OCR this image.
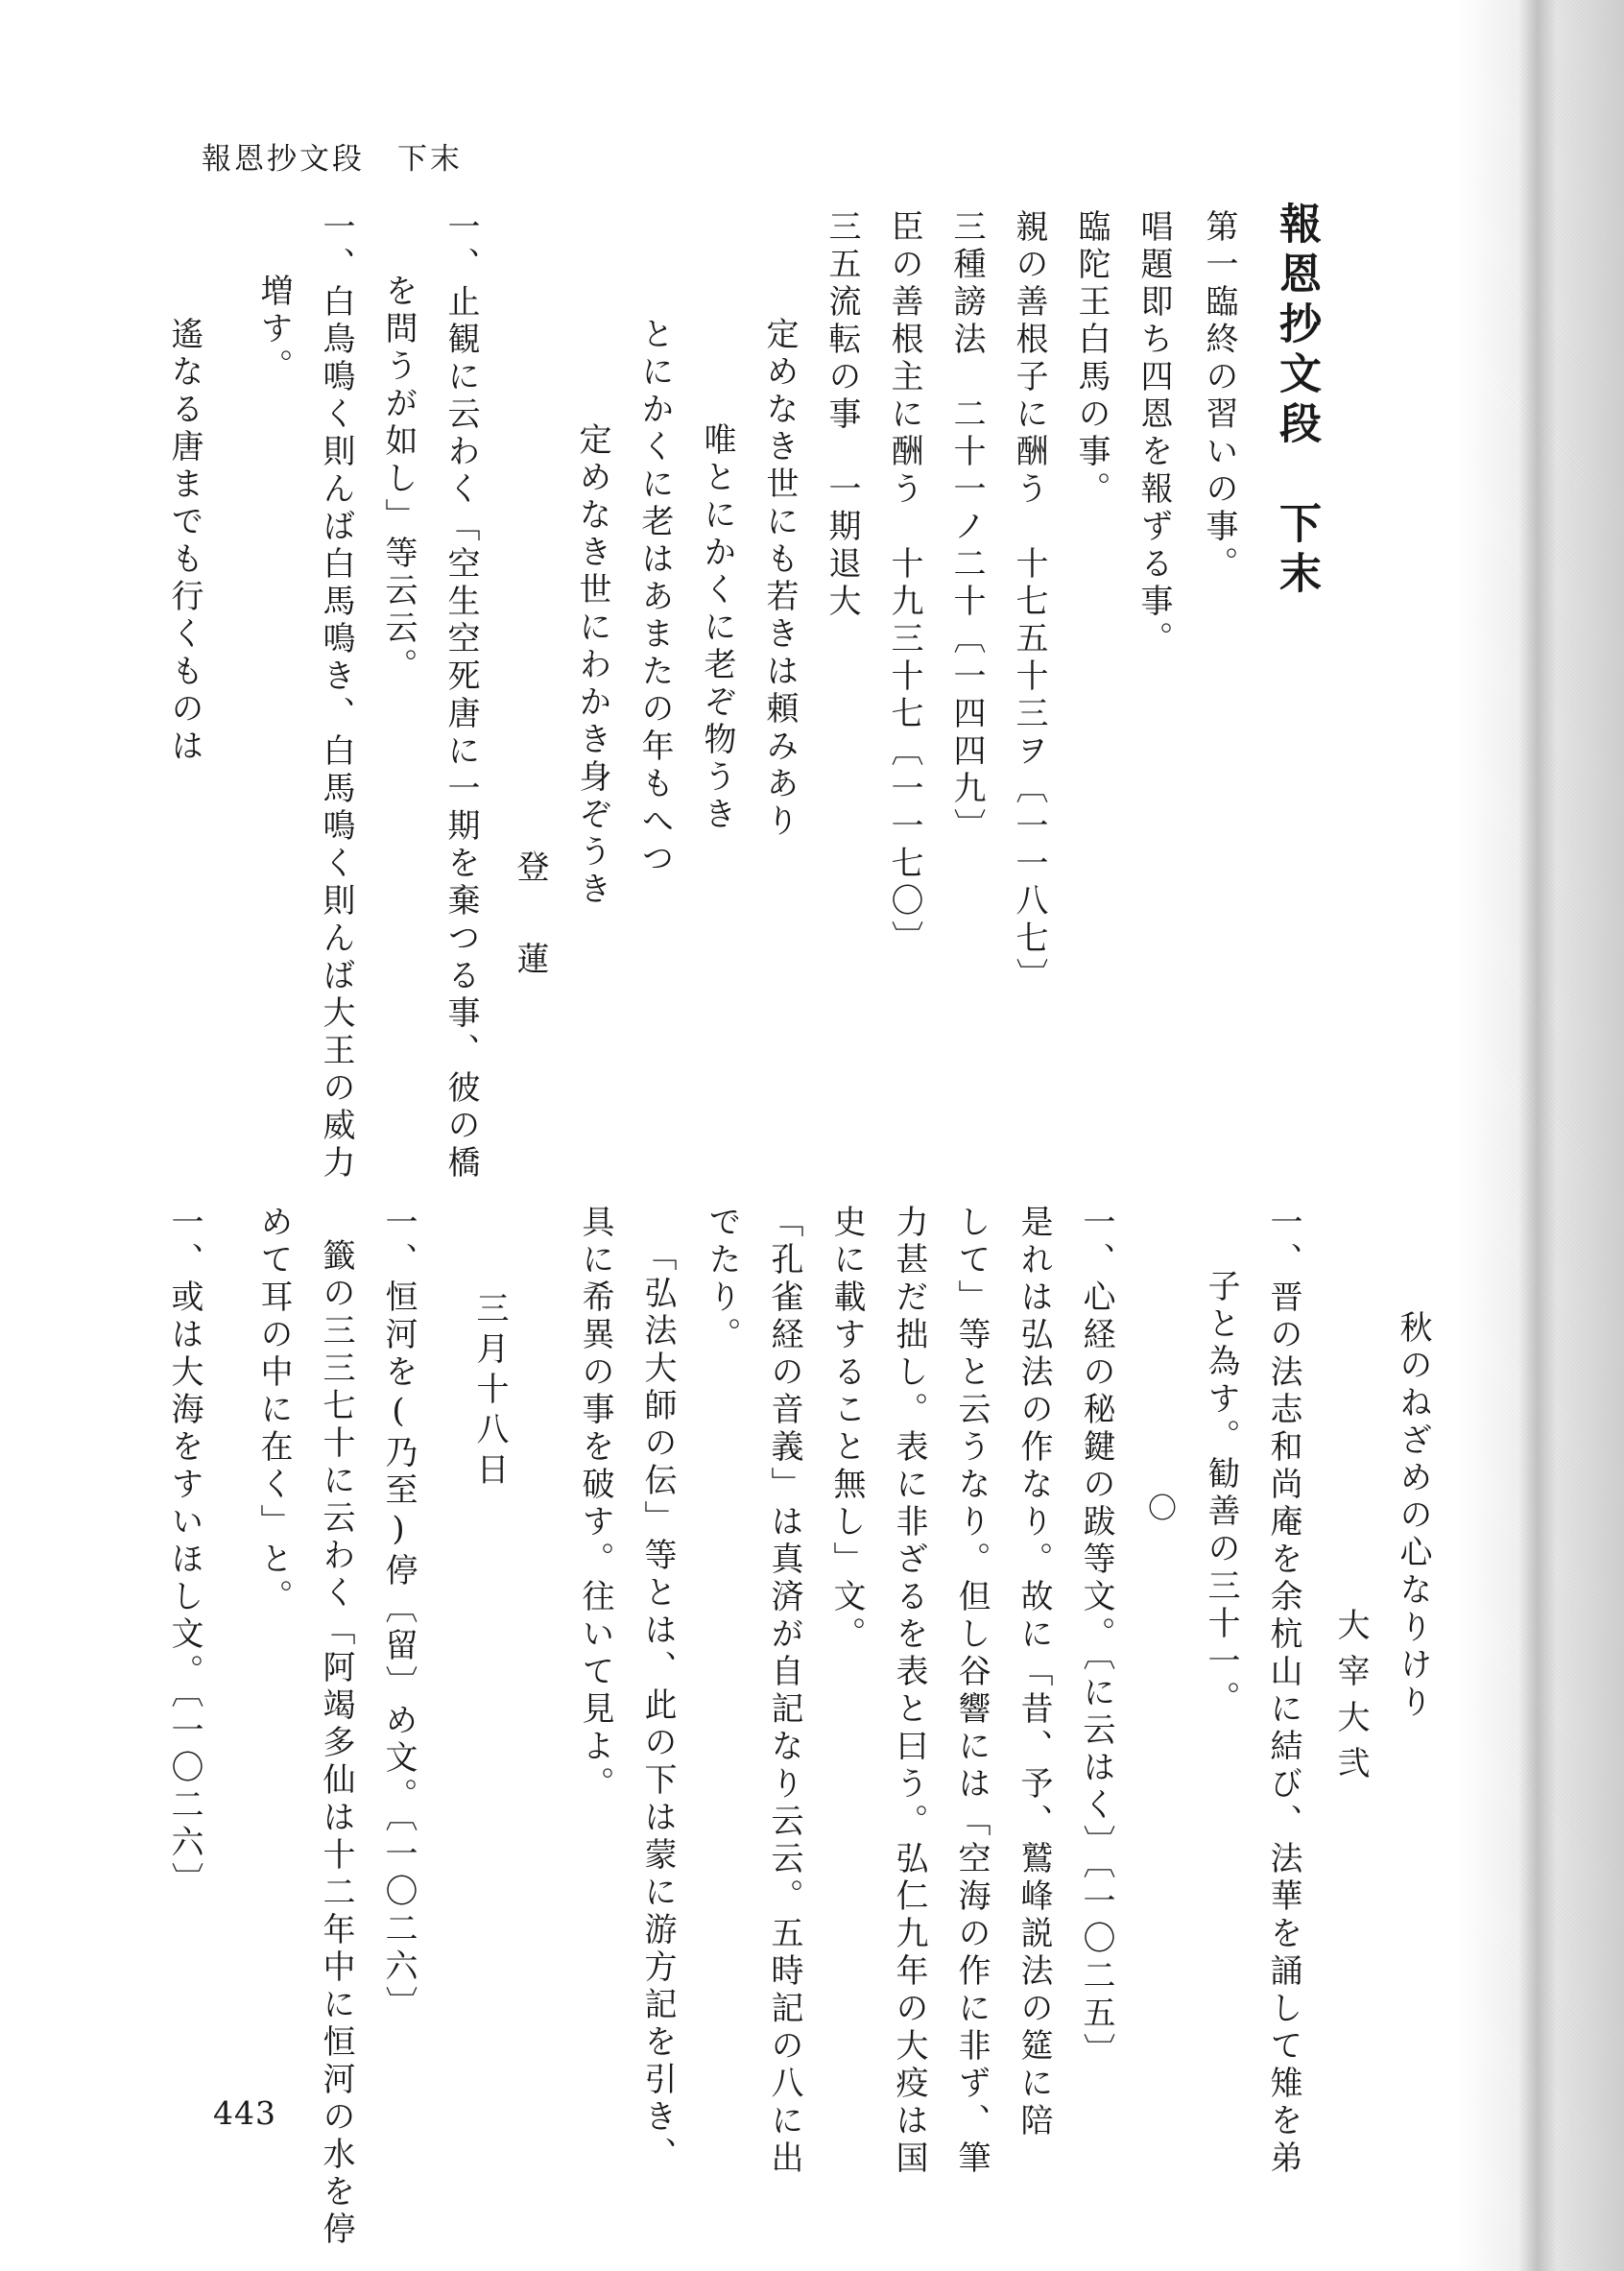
報恩抄文段　下末
報恩抄文段　下末
第一臨終の習いの事。
唱題即ち四恩を報ずる事。
臨陀王白馬の事。
親の善根子に酬う　十七五十三ヲ〔一一八七〕
三種謗法　二十一ノ二十〔一四四九〕
臣の善根主に酬う　十九三十七〔一一七〇〕
三五流転の事　一期退大
定めなき世にも若きは頼みあり
唯とにかくに老ぞ物うき
とにかくに老はあまたの年もへつ
定めなき世にわかき身ぞうき
登　蓮
一、止観に云わく「空生空死唐に一期を棄つる事、彼の橋
を問うが如し」等云云。
一、白鳥鳴く則んば白馬鳴き、白馬鳴く則んば大王の威力
増す。
遙なる唐までも行くものは
秋のねざめの心なりけり
大宰大弐
一、晋の法志和尚庵を余杭山に結び、法華を誦して雉を弟
子と為す。勧善の三十一。
〇
一、心経の秘鍵の跋等文。〔に云はく〕〔一〇二五〕
是れは弘法の作なり。故に「昔、予、鷲峰説法の筵に陪
して」等と云うなり。但し谷響には「空海の作に非ず、筆
力甚だ拙し。表に非ざるを表と曰う。弘仁九年の大疫は国
史に載すること無し」文。
「孔雀経の音義」は真済が自記なり云云。五時記の八に出
でたり。
「弘法大師の伝」等とは、此の下は蒙に游方記を引き、
具に希異の事を破す。往いて見よ。
三月十八日
一、恒河を(乃至)停〔留〕め文。〔一〇二六〕
籤の三三七十に云わく「阿竭多仙は十二年中に恒河の水を停
めて耳の中に在く」と。
一、或は大海をすいほし文。〔一〇二六〕
443
